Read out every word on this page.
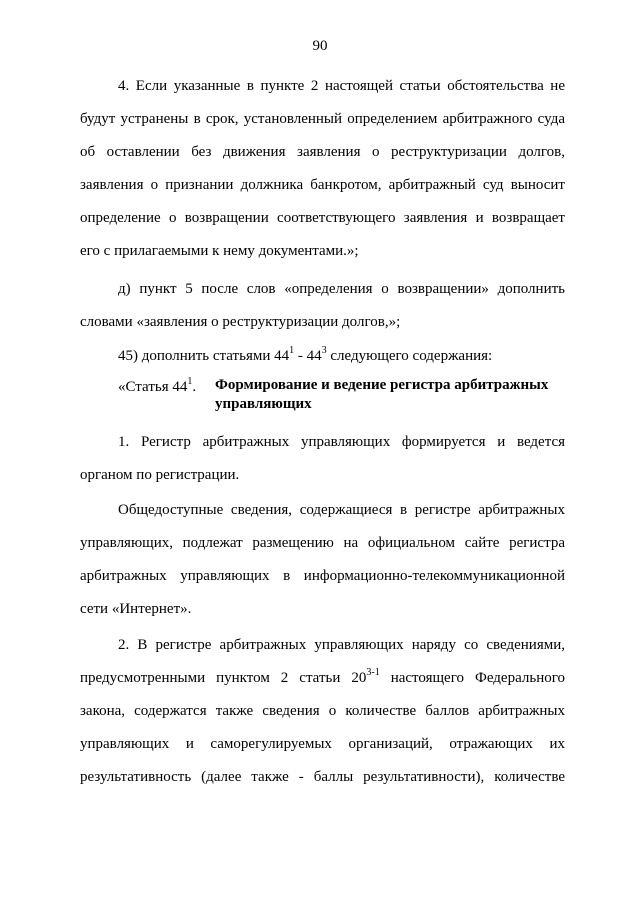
90
4. Если указанные в пункте 2 настоящей статьи обстоятельства не
будут устранены в срок, установленный определением арбитражного суда
об оставлении без движения заявления о реструктуризации долгов,
заявления о признании должника банкротом, арбитражный суд выносит
определение о возвращении соответствующего заявления и возвращает
его с прилагаемыми к нему документами.»;
д) пункт 5 после слов «определения о возвращении» дополнить
словами «заявления о реструктуризации долгов,»;
45) дополнить статьями $44^1 - 44^3$ следующего содержания:
«Статья $44^1$. Формирование и ведение регистра арбитражных
управляющих
1. Регистр арбитражных управляющих формируется и ведется
органом по регистрации.
Общедоступные сведения, содержащиеся в регистре арбитражных
управляющих, подлежат размещению на официальном сайте регистра
арбитражных управляющих в информационно-телекоммуникационной
сети «Интернет».
2. В регистре арбитражных управляющих наряду со сведениями,
предусмотренными пунктом 2 статьи 20$^{3-1}$ настоящего Федерального
закона, содержатся также сведения о количестве баллов арбитражных
управляющих и саморегулируемых организаций, отражающих их
результативность (далее также - баллы результативности), количестве
